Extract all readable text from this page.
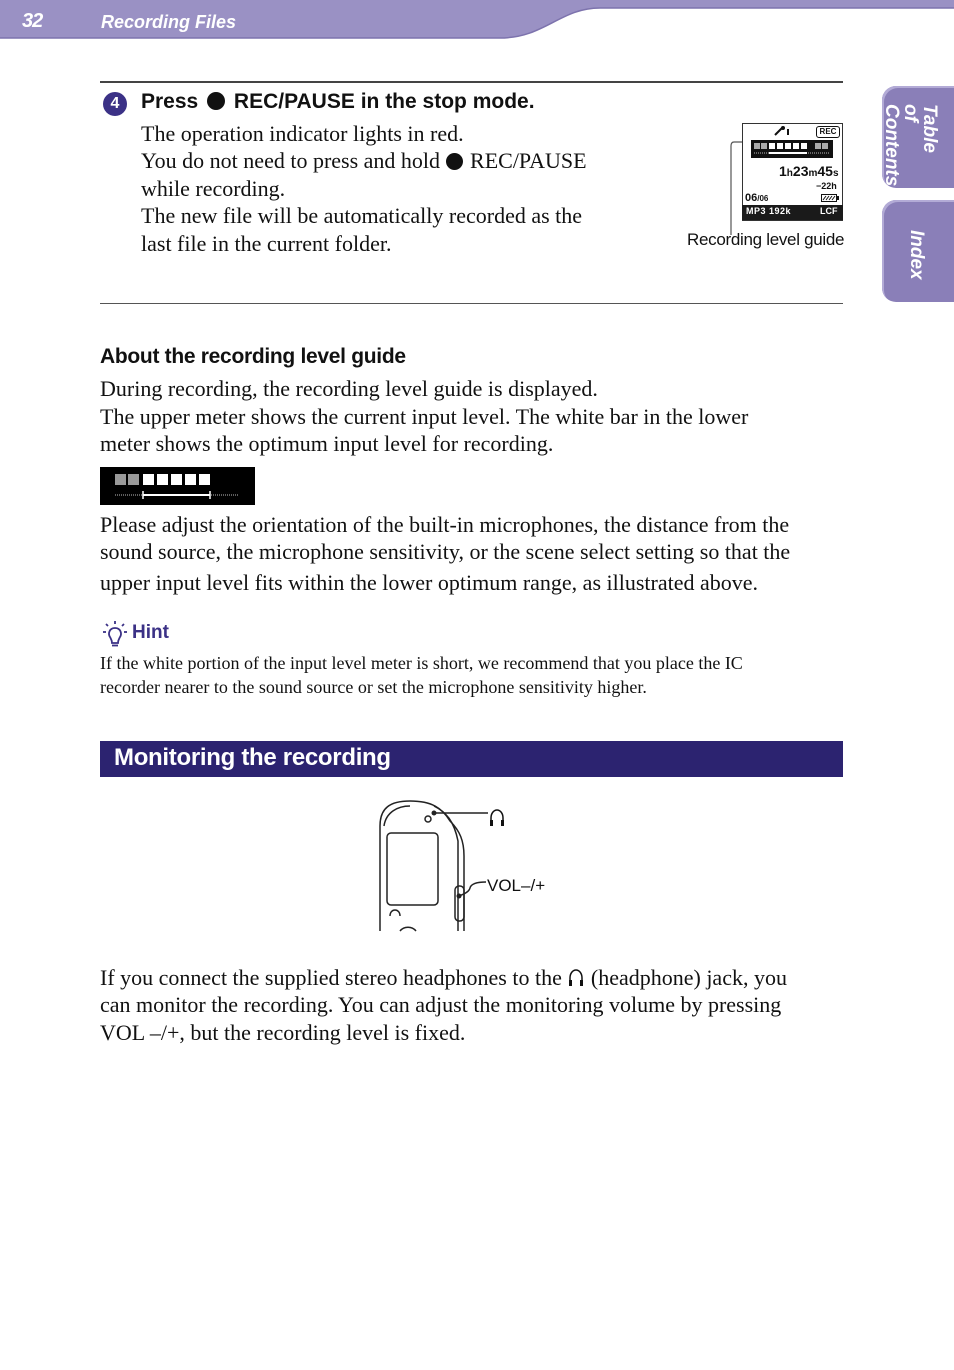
32	Recording Files
Table of Contents
Index
4	Press  REC/PAUSE in the stop mode.
The operation indicator lights in red.
You do not need to press and hold  REC/PAUSE
while recording.
The new file will be automatically recorded as the
last file in the current folder.
REC
1h23m45s
−22h
06/06
MP3 192k	LCF
Recording level guide
About the recording level guide
During recording, the recording level guide is displayed.
The upper meter shows the current input level. The white bar in the lower
meter shows the optimum input level for recording.
Please adjust the orientation of the built-in microphones, the distance from the
sound source, the microphone sensitivity, or the scene select setting so that the
upper input level fits within the lower optimum range, as illustrated above.
Hint
If the white portion of the input level meter is short, we recommend that you place the IC
recorder nearer to the sound source or set the microphone sensitivity higher.
Monitoring the recording
VOL–/+
If you connect the supplied stereo headphones to the  (headphone) jack, you
can monitor the recording. You can adjust the monitoring volume by pressing
VOL –/+, but the recording level is fixed.
